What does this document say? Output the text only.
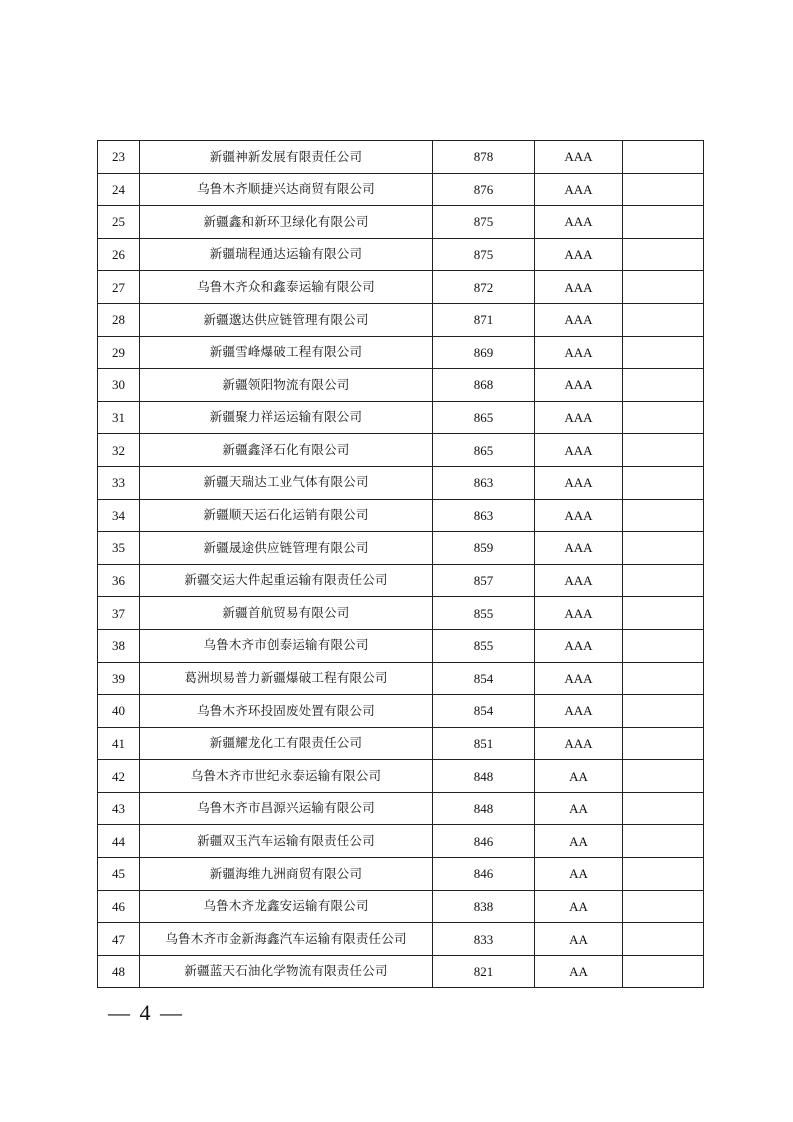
23	新疆神新发展有限责任公司	878	AAA	
24	乌鲁木齐顺捷兴达商贸有限公司	876	AAA	
25	新疆鑫和新环卫绿化有限公司	875	AAA	
26	新疆瑞程通达运输有限公司	875	AAA	
27	乌鲁木齐众和鑫泰运输有限公司	872	AAA	
28	新疆邈达供应链管理有限公司	871	AAA	
29	新疆雪峰爆破工程有限公司	869	AAA	
30	新疆领阳物流有限公司	868	AAA	
31	新疆聚力祥运运输有限公司	865	AAA	
32	新疆鑫泽石化有限公司	865	AAA	
33	新疆天瑞达工业气体有限公司	863	AAA	
34	新疆顺天运石化运销有限公司	863	AAA	
35	新疆晟途供应链管理有限公司	859	AAA	
36	新疆交运大件起重运输有限责任公司	857	AAA	
37	新疆首航贸易有限公司	855	AAA	
38	乌鲁木齐市创泰运输有限公司	855	AAA	
39	葛洲坝易普力新疆爆破工程有限公司	854	AAA	
40	乌鲁木齐环投固废处置有限公司	854	AAA	
41	新疆耀龙化工有限责任公司	851	AAA	
42	乌鲁木齐市世纪永泰运输有限公司	848	AA	
43	乌鲁木齐市昌源兴运输有限公司	848	AA	
44	新疆双玉汽车运输有限责任公司	846	AA	
45	新疆海维九洲商贸有限公司	846	AA	
46	乌鲁木齐龙鑫安运输有限公司	838	AA	
47	乌鲁木齐市金新海鑫汽车运输有限责任公司	833	AA	
48	新疆蓝天石油化学物流有限责任公司	821	AA	
— 4 —
